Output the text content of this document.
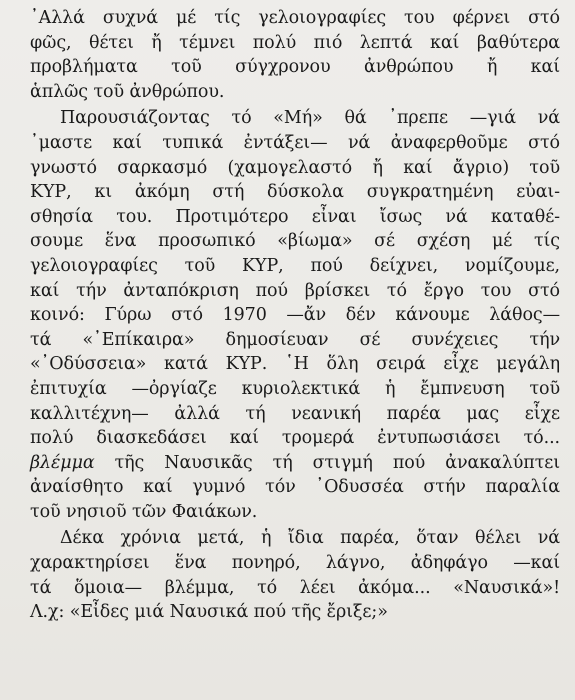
᾿Αλλά συχνά μέ τίς γελοιογραφίες του φέρνει στό
φῶς, θέτει ἤ τέμνει πολύ πιό λεπτά καί βαθύτερα
προβλήματα τοῦ σύγχρονου ἀνθρώπου ἤ καί
ἁπλῶς τοῦ ἀνθρώπου.
Παρουσιάζοντας τό «Μή» θά ᾿πρεπε —γιά νά
᾿μαστε καί τυπικά ἐντάξει— νά ἀναφερθοῦμε στό
γνωστό σαρκασμό (χαμογελαστό ἤ καί ἄγριο) τοῦ
ΚΥΡ, κι ἀκόμη στή δύσκολα συγκρατημένη εὐαι-
σθησία του. Προτιμότερο εἶναι ἴσως νά καταθέ-
σουμε ἕνα προσωπικό «βίωμα» σέ σχέση μέ τίς
γελοιογραφίες τοῦ ΚΥΡ, πού δείχνει, νομίζουμε,
καί τήν ἀνταπόκριση πού βρίσκει τό ἔργο του στό
κοινό: Γύρω στό 1970 —ἄν δέν κάνουμε λάθος—
τά «᾿Επίκαιρα» δημοσίευαν σέ συνέχειες τήν
«᾿Οδύσσεια» κατά ΚΥΡ. ῾Η ὅλη σειρά εἶχε μεγάλη
ἐπιτυχία —ὀργίαζε κυριολεκτικά ἡ ἔμπνευση τοῦ
καλλιτέχνη— ἀλλά τή νεανική παρέα μας εἶχε
πολύ διασκεδάσει καί τρομερά ἐντυπωσιάσει τό...
βλέμμα τῆς Ναυσικᾶς τή στιγμή πού ἀνακαλύπτει
ἀναίσθητο καί γυμνό τόν ᾿Οδυσσέα στήν παραλία
τοῦ νησιοῦ τῶν Φαιάκων.
Δέκα χρόνια μετά, ἡ ἴδια παρέα, ὅταν θέλει νά
χαρακτηρίσει ἕνα πονηρό, λάγνο, ἀδηφάγο —καί
τά ὅμοια— βλέμμα, τό λέει ἀκόμα... «Ναυσικά»!
Λ.χ: «Εἶδες μιά Ναυσικά πού τῆς ἔριξε;»
